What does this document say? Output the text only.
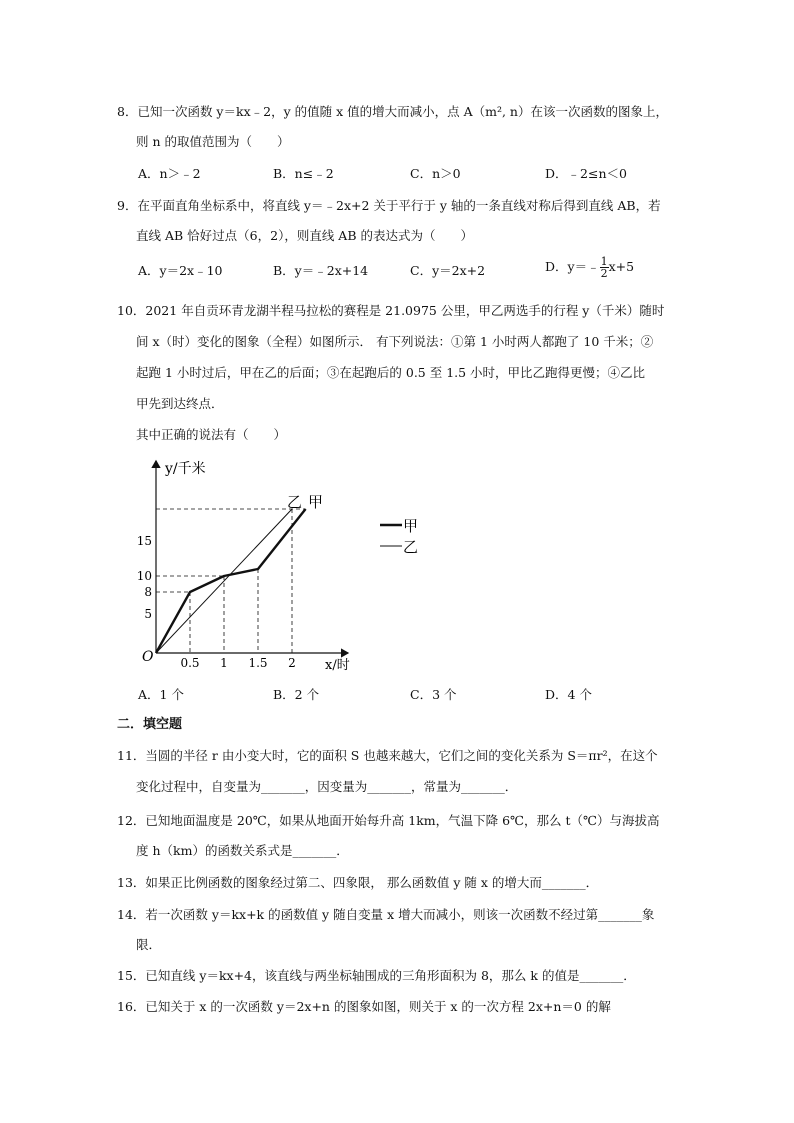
8．已知一次函数 y＝kx﹣2，y 的值随 x 值的增大而减小，点 A（m², n）在该一次函数的图象上，
则 n 的取值范围为（　　）
A．n＞﹣2	B．n≤﹣2	C．n＞0	D．﹣2≤n＜0
9．在平面直角坐标系中，将直线 y＝﹣2x+2 关于平行于 y 轴的一条直线对称后得到直线 AB，若
直线 AB 恰好过点（6，2），则直线 AB 的表达式为（　　）
A．y＝2x﹣10	B．y＝﹣2x+14	C．y＝2x+2	D．y＝﹣ $\frac{1}{2} x+5$
10．2021 年自贡环青龙湖半程马拉松的赛程是 21.0975 公里，甲乙两选手的行程 y（千米）随时
间 x（时）变化的图象（全程）如图所示． 有下列说法：①第 1 小时两人都跑了 10 千米；②
起跑 1 小时过后，甲在乙的后面；③在起跑后的 0.5 至 1.5 小时，甲比乙跑得更慢；④乙比
甲先到达终点．
其中正确的说法有（　　）
0.5 1 1.5 2
5
8
10
15
y/千米
x/时
O
乙 甲
甲
乙
A．1 个	B．2 个	C．3 个	D．4 个
二．填空题
11．当圆的半径 r 由小变大时，它的面积 S 也越来越大，它们之间的变化关系为 S＝πr²，在这个
变化过程中，自变量为_______，因变量为_______，常量为_______．
12．已知地面温度是 20℃，如果从地面开始每升高 1km，气温下降 6℃，那么 t（℃）与海拔高
度 h（km）的函数关系式是_______．
13．如果正比例函数的图象经过第二、四象限， 那么函数值 y 随 x 的增大而_______．
14．若一次函数 y＝kx+k 的函数值 y 随自变量 x 增大而减小，则该一次函数不经过第_______象
限．
15．已知直线 y＝kx+4，该直线与两坐标轴围成的三角形面积为 8，那么 k 的值是_______．
16．已知关于 x 的一次函数 y＝2x+n 的图象如图，则关于 x 的一次方程 2x+n＝0 的解
